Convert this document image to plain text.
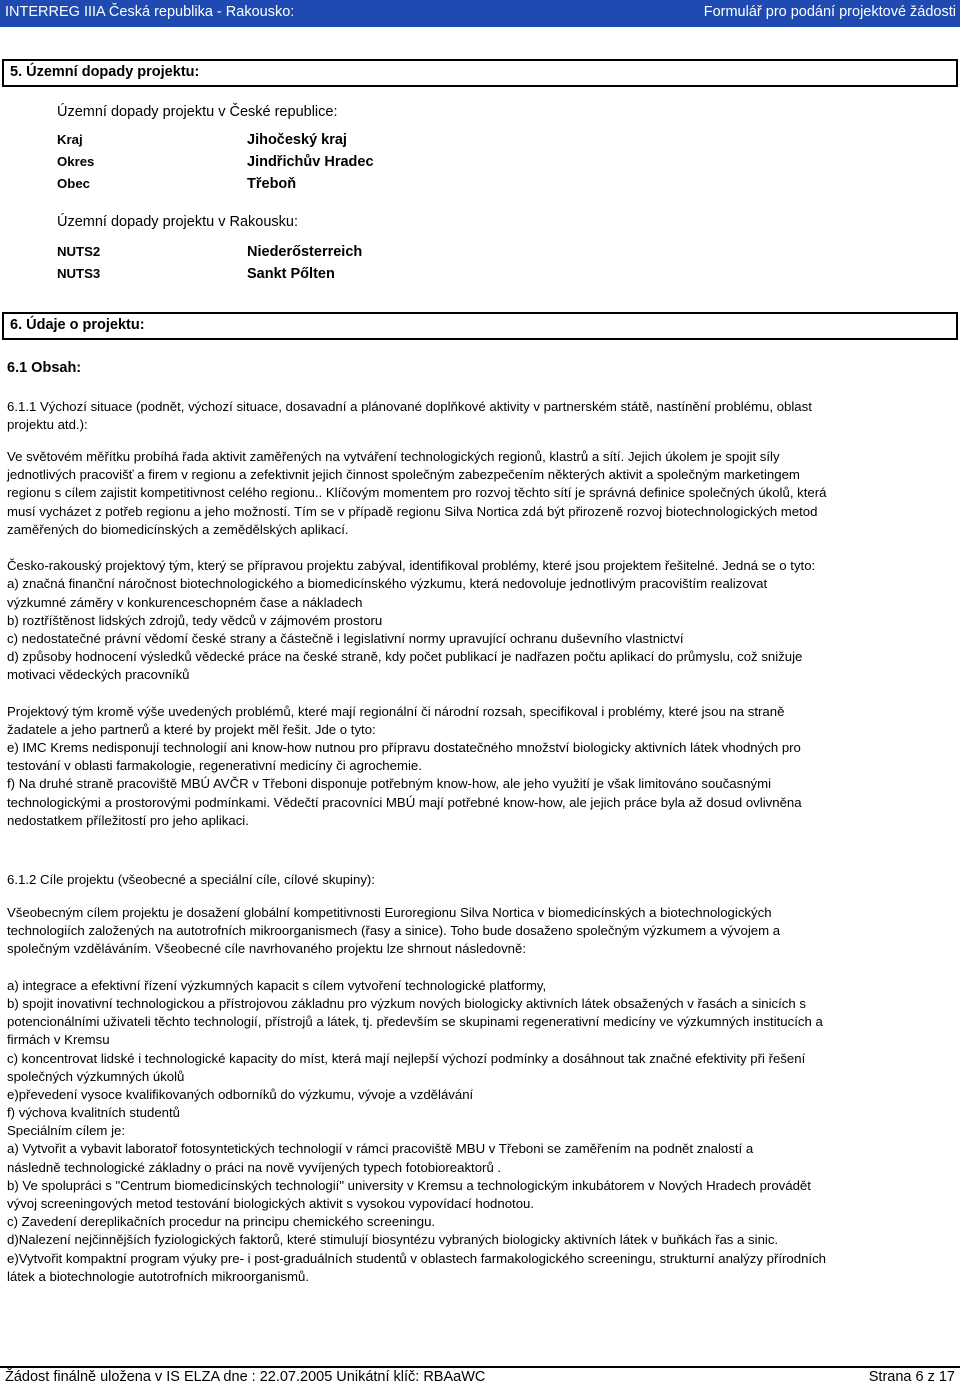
INTERREG IIIA Česká republika - Rakousko:	Formulář pro podání projektové žádosti
5. Územní dopady projektu:
Územní dopady projektu v České republice:
Kraj	Jihočeský kraj
Okres	Jindřichův Hradec
Obec	Třeboň
Územní dopady projektu v Rakousku:
NUTS2	Niederősterreich
NUTS3	Sankt Pőlten
6. Údaje o projektu:
6.1 Obsah:
6.1.1 Výchozí situace (podnět, výchozí situace, dosavadní a plánované doplňkové aktivity v partnerském státě, nastínění problému, oblast
projektu atd.):
Ve světovém měřítku probíhá řada aktivit zaměřených na vytváření technologických regionů, klastrů a sítí. Jejich úkolem je spojit síly
jednotlivých pracovišť a firem v regionu a zefektivnit jejich činnost společným zabezpečením některých aktivit a společným marketingem
regionu s cílem zajistit kompetitivnost celého regionu.. Klíčovým momentem pro rozvoj těchto sítí je správná definice společných úkolů, která
musí vycházet z potřeb regionu a jeho možností. Tím se v případě regionu Silva Nortica zdá být přirozeně rozvoj biotechnologických metod
zaměřených do biomedicínských a zemědělských aplikací.
Česko-rakouský projektový tým, který se přípravou projektu zabýval, identifikoval problémy, které jsou projektem řešitelné. Jedná se o tyto:
a) značná finanční náročnost biotechnologického a biomedicínského výzkumu, která nedovoluje jednotlivým pracovištím realizovat
výzkumné záměry v konkurenceschopném čase a nákladech
b) roztříštěnost lidských zdrojů, tedy vědců v zájmovém prostoru
c) nedostatečné právní vědomí české strany a částečně i legislativní normy upravující ochranu duševního vlastnictví
d) způsoby hodnocení výsledků vědecké práce na české straně, kdy počet publikací je nadřazen počtu aplikací do průmyslu, což snižuje
motivaci vědeckých pracovníků
Projektový tým kromě výše uvedených problémů, které mají regionální či národní rozsah, specifikoval i problémy, které jsou na straně
žadatele a jeho partnerů a které by projekt měl řešit. Jde o tyto:
e) IMC Krems nedisponují technologií ani know-how nutnou pro přípravu dostatečného množství biologicky aktivních látek vhodných pro
testování v oblasti farmakologie, regenerativní medicíny či agrochemie.
f) Na druhé straně pracoviště MBÚ AVČR v Třeboni disponuje potřebným know-how, ale jeho využití je však limitováno současnými
technologickými a prostorovými podmínkami. Vědečtí pracovníci MBÚ mají potřebné know-how, ale jejich práce byla až dosud ovlivněna
nedostatkem příležitostí pro jeho aplikaci.
6.1.2 Cíle projektu (všeobecné a speciální cíle, cílové skupiny):
Všeobecným cílem projektu je dosažení globální kompetitivnosti Euroregionu Silva Nortica v biomedicínských a biotechnologických
technologiích založených na autotrofních mikroorganismech (řasy a sinice). Toho bude dosaženo společným výzkumem a vývojem a
společným vzděláváním. Všeobecné cíle navrhovaného projektu lze shrnout následovně:
a) integrace a efektivní řízení výzkumných kapacit s cílem vytvoření technologické platformy,
b) spojit inovativní technologickou a přístrojovou základnu pro výzkum nových biologicky aktivních látek obsažených v řasách a sinicích s
potencionálními uživateli těchto technologií, přístrojů a látek, tj. především se skupinami regenerativní medicíny ve výzkumných institucích a
firmách v Kremsu
c) koncentrovat lidské i technologické kapacity do míst, která mají nejlepší výchozí podmínky a dosáhnout tak značné efektivity při řešení
společných výzkumných úkolů
e)převedení vysoce kvalifikovaných odborníků do výzkumu, vývoje a vzdělávání
f) výchova kvalitních studentů
Speciálním cílem je:
a) Vytvořit a vybavit laboratoř fotosyntetických technologií v rámci pracoviště MBU v Třeboni se zaměřením na podnět znalostí a
následně technologické základny o práci na nově vyvíjených typech fotobioreaktorů .
b) Ve spolupráci s "Centrum biomedicínských technologií" university v Kremsu a technologickým inkubátorem v Nových Hradech provádět
vývoj screeningových metod testování biologických aktivit s vysokou vypovídací hodnotou.
c) Zavedení dereplikačních procedur na principu chemického screeningu.
d)Nalezení nejčinnějších fyziologických faktorů, které stimulují biosyntézu vybraných biologicky aktivních látek v buňkách řas a sinic.
e)Vytvořit kompaktní program výuky pre- i post-graduálních studentů v oblastech farmakologického screeningu, strukturní analýzy přírodních
látek a biotechnologie autotrofních mikroorganismů.
Žádost finálně uložena v IS ELZA dne : 22.07.2005 Unikátní klíč: RBAaWC	Strana 6 z 17
